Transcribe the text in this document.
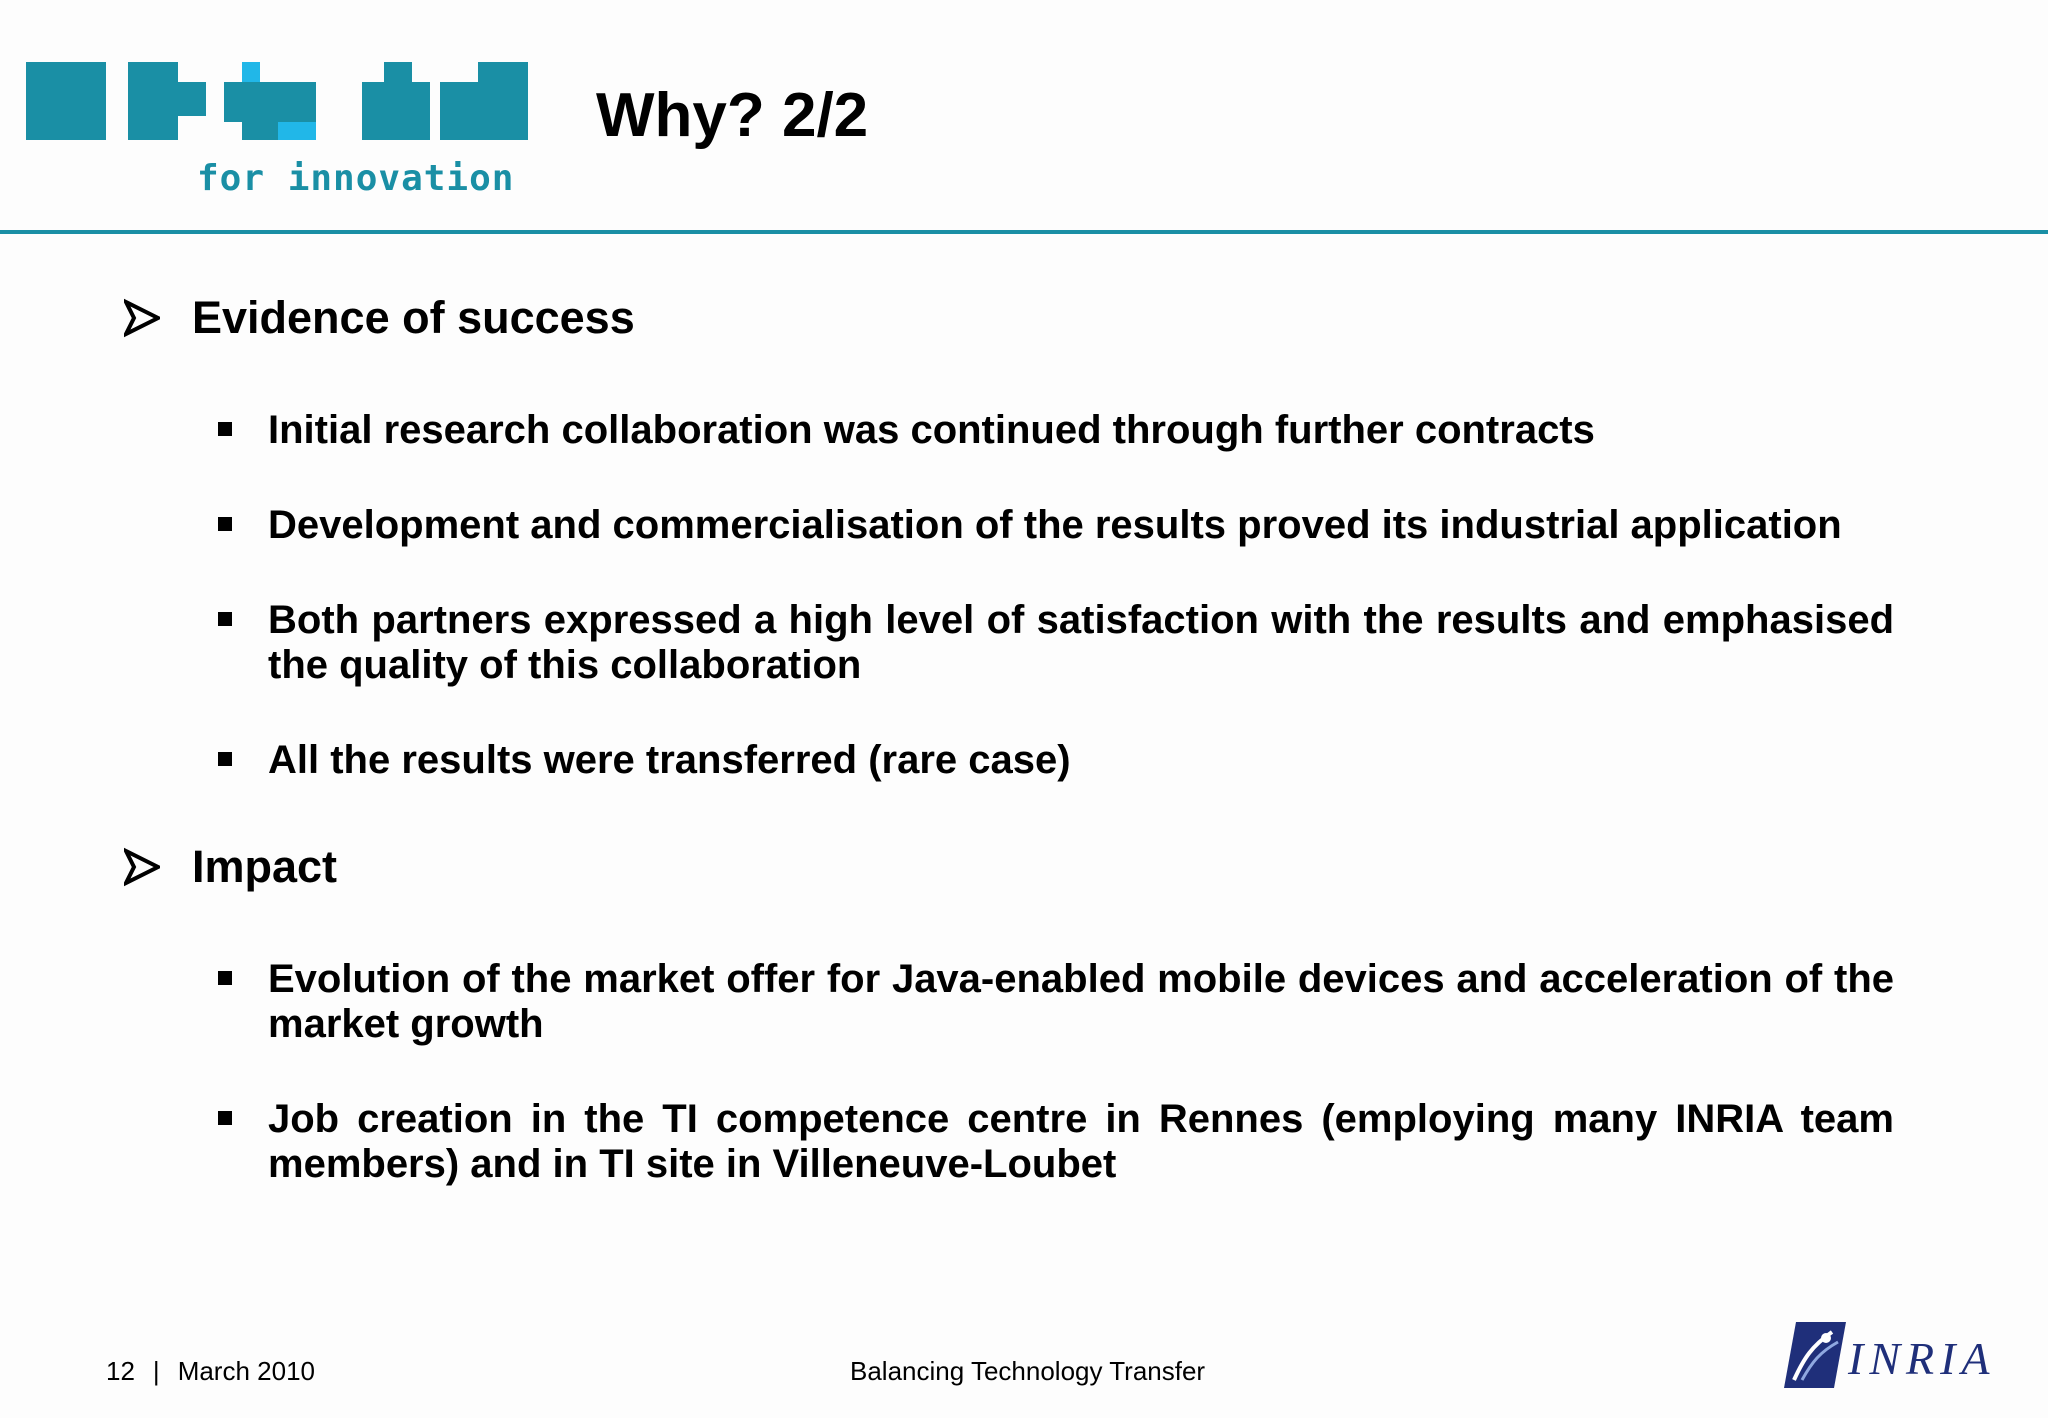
for innovation
Why? 2/2
Evidence of success
Initial research collaboration was continued through further contracts
Development and commercialisation of the results proved its industrial application
Both partners expressed a high level of satisfaction with the results and emphasised the quality of this collaboration
All the results were transferred (rare case)
Impact
Evolution of the market offer for Java-enabled mobile devices and acceleration of the market growth
Job creation in the TI competence centre in Rennes (employing many INRIA team members) and in TI site in Villeneuve-Loubet
12 | March 2010	Balancing Technology Transfer	INRIA
